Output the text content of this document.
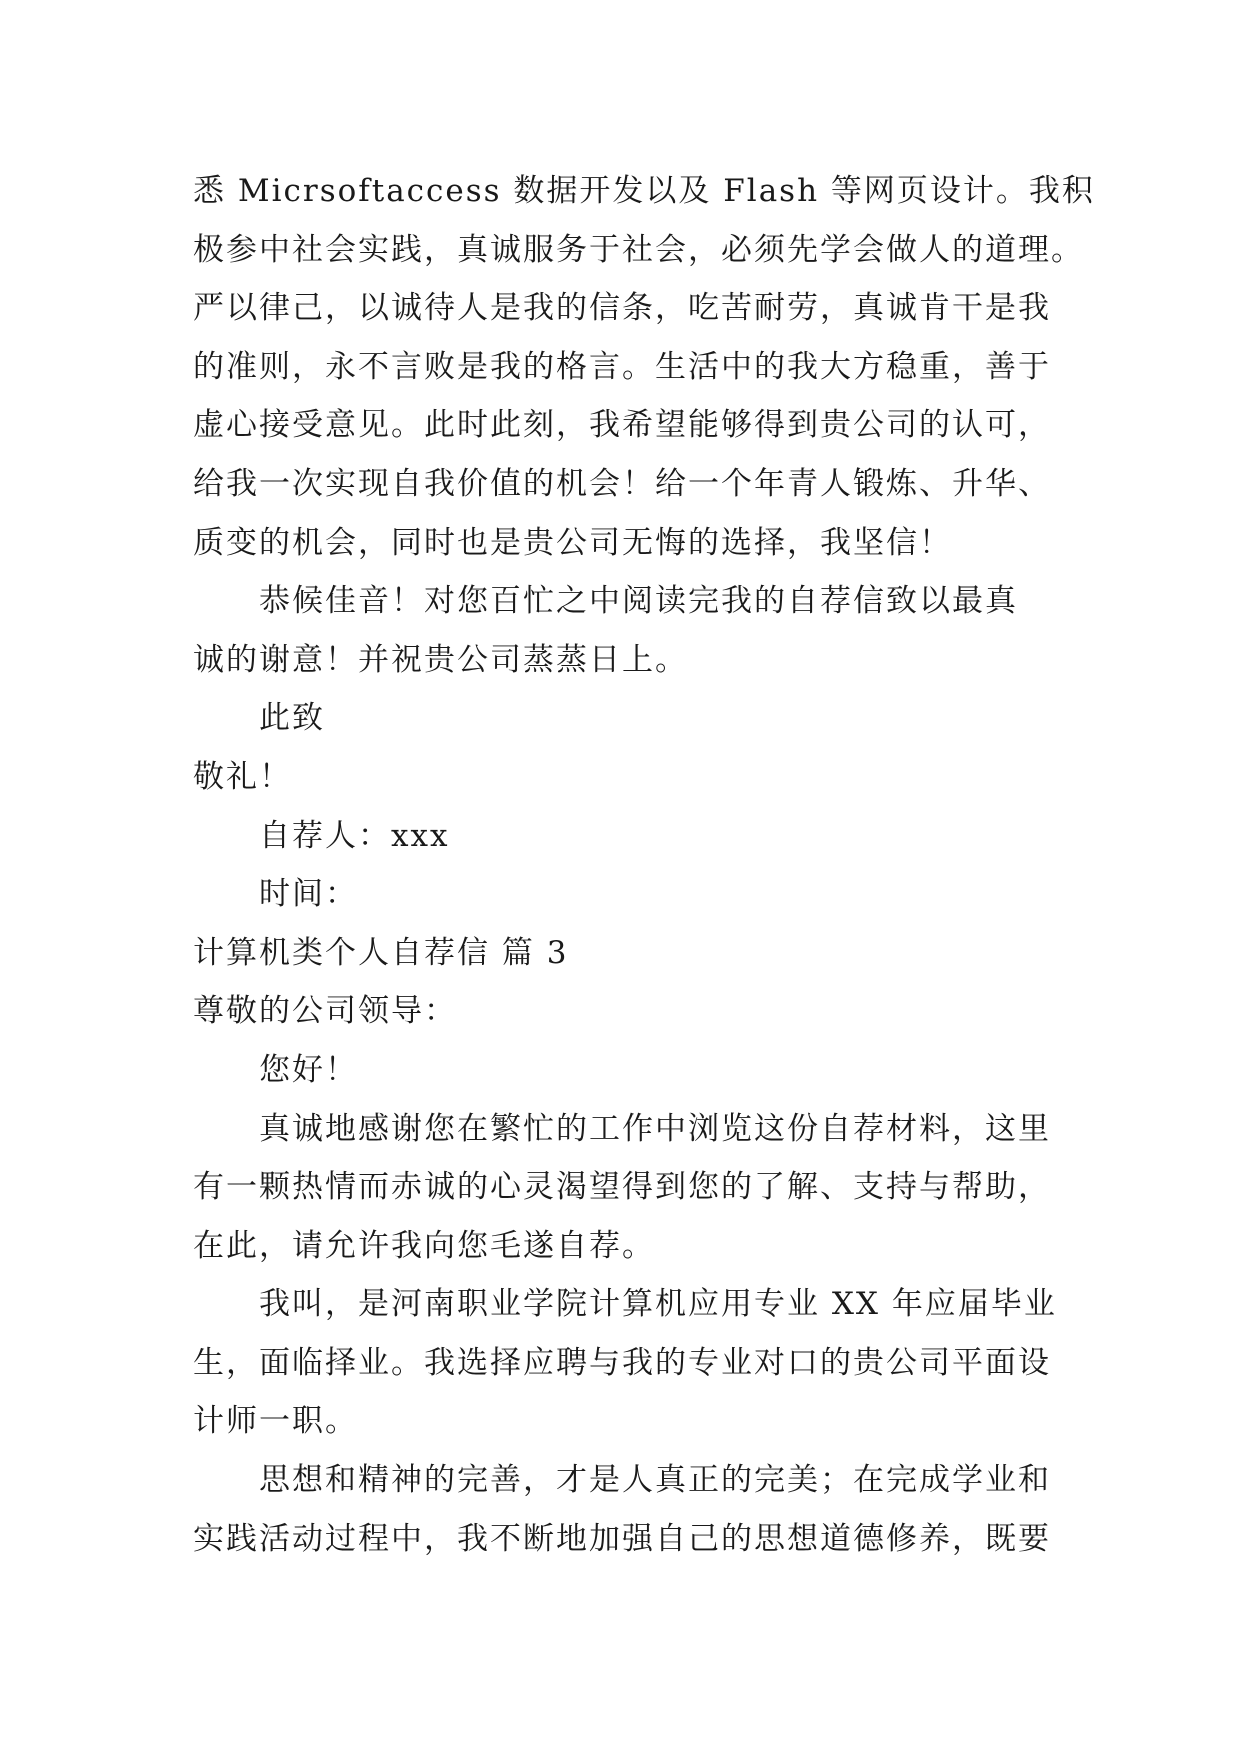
悉 Micrsoftaccess 数据开发以及 Flash 等网页设计。我积
极参中社会实践，真诚服务于社会，必须先学会做人的道理。
严以律己，以诚待人是我的信条，吃苦耐劳，真诚肯干是我
的准则，永不言败是我的格言。生活中的我大方稳重，善于
虚心接受意见。此时此刻，我希望能够得到贵公司的认可，
给我一次实现自我价值的机会！给一个年青人锻炼、升华、
质变的机会，同时也是贵公司无悔的选择，我坚信！
恭候佳音！对您百忙之中阅读完我的自荐信致以最真
诚的谢意！并祝贵公司蒸蒸日上。
此致
敬礼！
自荐人：xxx
时间：
计算机类个人自荐信 篇 3
尊敬的公司领导：
您好！
真诚地感谢您在繁忙的工作中浏览这份自荐材料，这里
有一颗热情而赤诚的心灵渴望得到您的了解、支持与帮助，
在此，请允许我向您毛遂自荐。
我叫，是河南职业学院计算机应用专业 XX 年应届毕业
生，面临择业。我选择应聘与我的专业对口的贵公司平面设
计师一职。
思想和精神的完善，才是人真正的完美；在完成学业和
实践活动过程中，我不断地加强自己的思想道德修养，既要
